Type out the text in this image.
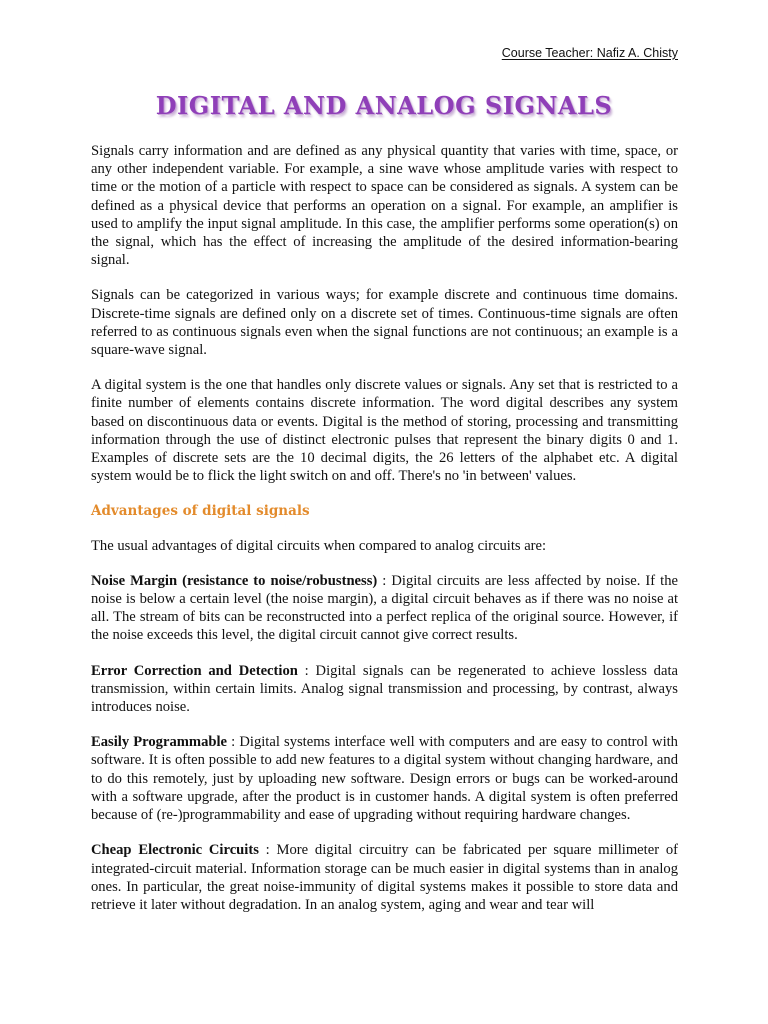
Course Teacher: Nafiz A. Chisty
DIGITAL AND ANALOG SIGNALS

Signals carry information and are defined as any physical quantity that varies with time, space, or any other independent variable. For example, a sine wave whose amplitude varies with respect to time or the motion of a particle with respect to space can be considered as signals. A system can be defined as a physical device that performs an operation on a signal. For example, an amplifier is used to amplify the input signal amplitude. In this case, the amplifier performs some operation(s) on the signal, which has the effect of increasing the amplitude of the desired information-bearing signal.

Signals can be categorized in various ways; for example discrete and continuous time domains. Discrete-time signals are defined only on a discrete set of times. Continuous-time signals are often referred to as continuous signals even when the signal functions are not continuous; an example is a square-wave signal.

A digital system is the one that handles only discrete values or signals. Any set that is restricted to a finite number of elements contains discrete information. The word digital describes any system based on discontinuous data or events. Digital is the method of storing, processing and transmitting information through the use of distinct electronic pulses that represent the binary digits 0 and 1. Examples of discrete sets are the 10 decimal digits, the 26 letters of the alphabet etc. A digital system would be to flick the light switch on and off. There's no 'in between' values.

Advantages of digital signals

The usual advantages of digital circuits when compared to analog circuits are:

Noise Margin (resistance to noise/robustness) : Digital circuits are less affected by noise. If the noise is below a certain level (the noise margin), a digital circuit behaves as if there was no noise at all. The stream of bits can be reconstructed into a perfect replica of the original source. However, if the noise exceeds this level, the digital circuit cannot give correct results.

Error Correction and Detection : Digital signals can be regenerated to achieve lossless data transmission, within certain limits. Analog signal transmission and processing, by contrast, always introduces noise.

Easily Programmable : Digital systems interface well with computers and are easy to control with software. It is often possible to add new features to a digital system without changing hardware, and to do this remotely, just by uploading new software. Design errors or bugs can be worked-around with a software upgrade, after the product is in customer hands. A digital system is often preferred because of (re-)programmability and ease of upgrading without requiring hardware changes.

Cheap Electronic Circuits : More digital circuitry can be fabricated per square millimeter of integrated-circuit material. Information storage can be much easier in digital systems than in analog ones. In particular, the great noise-immunity of digital systems makes it possible to store data and retrieve it later without degradation. In an analog system, aging and wear and tear will
